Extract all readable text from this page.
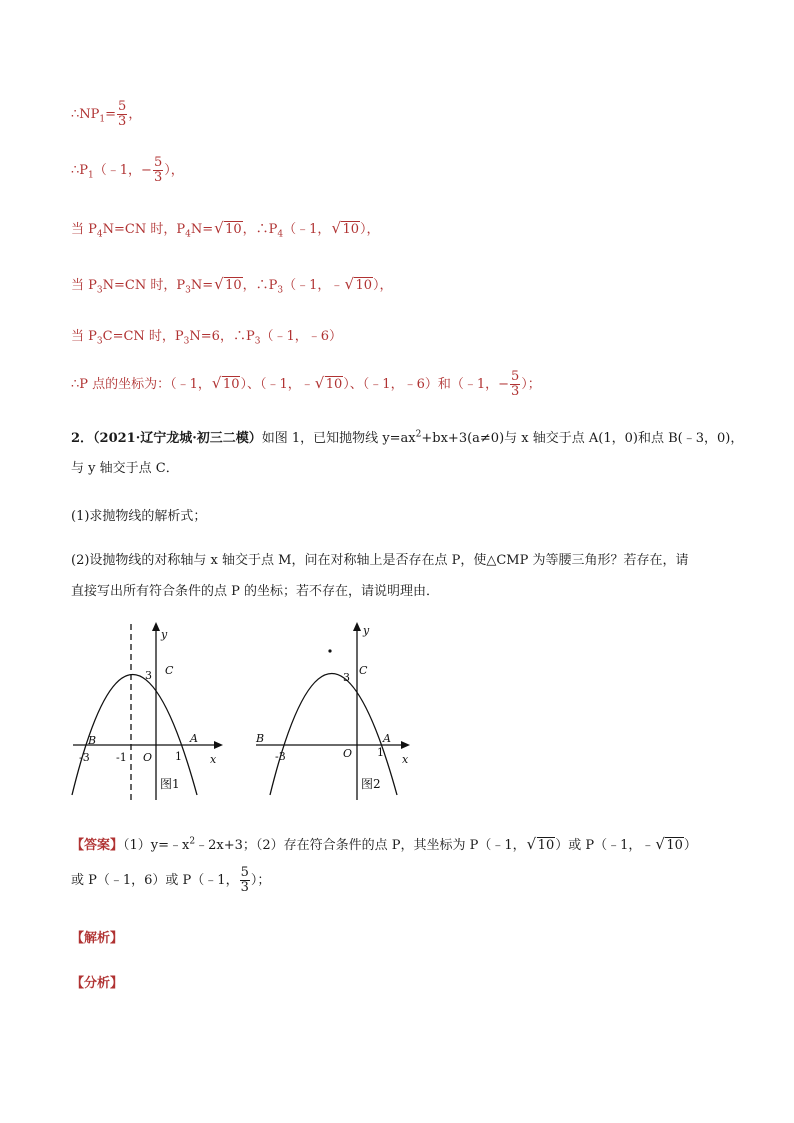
$\therefore NP_1= \frac{5}{3}$ ，
$\therefore P_1(﹣1$，− $\frac{5}{3}$ ），
当 $P_4N=CN$ 时，$P_4N=$ √ 10，$\therefore P_4(﹣1$， √ 10），
当 $P_3N=CN$ 时，$P_3N=$ √ 10，$\therefore P_3(﹣1$，﹣ √ 10），
当 $P_3C=CN$ 时，$P_3N=6$，$\therefore P_3(﹣1$，﹣6）
∴P 点的坐标为：（﹣1， √ 10）、（﹣1，﹣ √ 10）、（﹣1，﹣6）和（﹣1，− $\frac{5}{3}$ ）；
2．（2021·辽宁龙城·初三二模）如图 1，已知抛物线 $y=ax^2+bx+3(a\ne 0)$与 x 轴交于点 A(1，0)和点 B(﹣3，0)，
与 y 轴交于点 C．
(1)求抛物线的解析式；
(2)设抛物线的对称轴与 x 轴交于点 M，问在对称轴上是否存在点 P，使△CMP 为等腰三角形？若存在，请
直接写出所有符合条件的点 P 的坐标；若不存在，请说明理由．
y
x
C
3
B	A
-3 -1 O 1
图1
y
x
C
3
B	A
-3	O 1
图2
【答案】$(1)y=﹣x^2﹣2x+3$；（2）存在符合条件的点 P，其坐标为 P（﹣1， √ 10）或 P（﹣1，﹣ √ 10）
或 P（﹣1，6）或 P（﹣1， $\frac{5}{3}$ ）；
【解析】
【分析】
